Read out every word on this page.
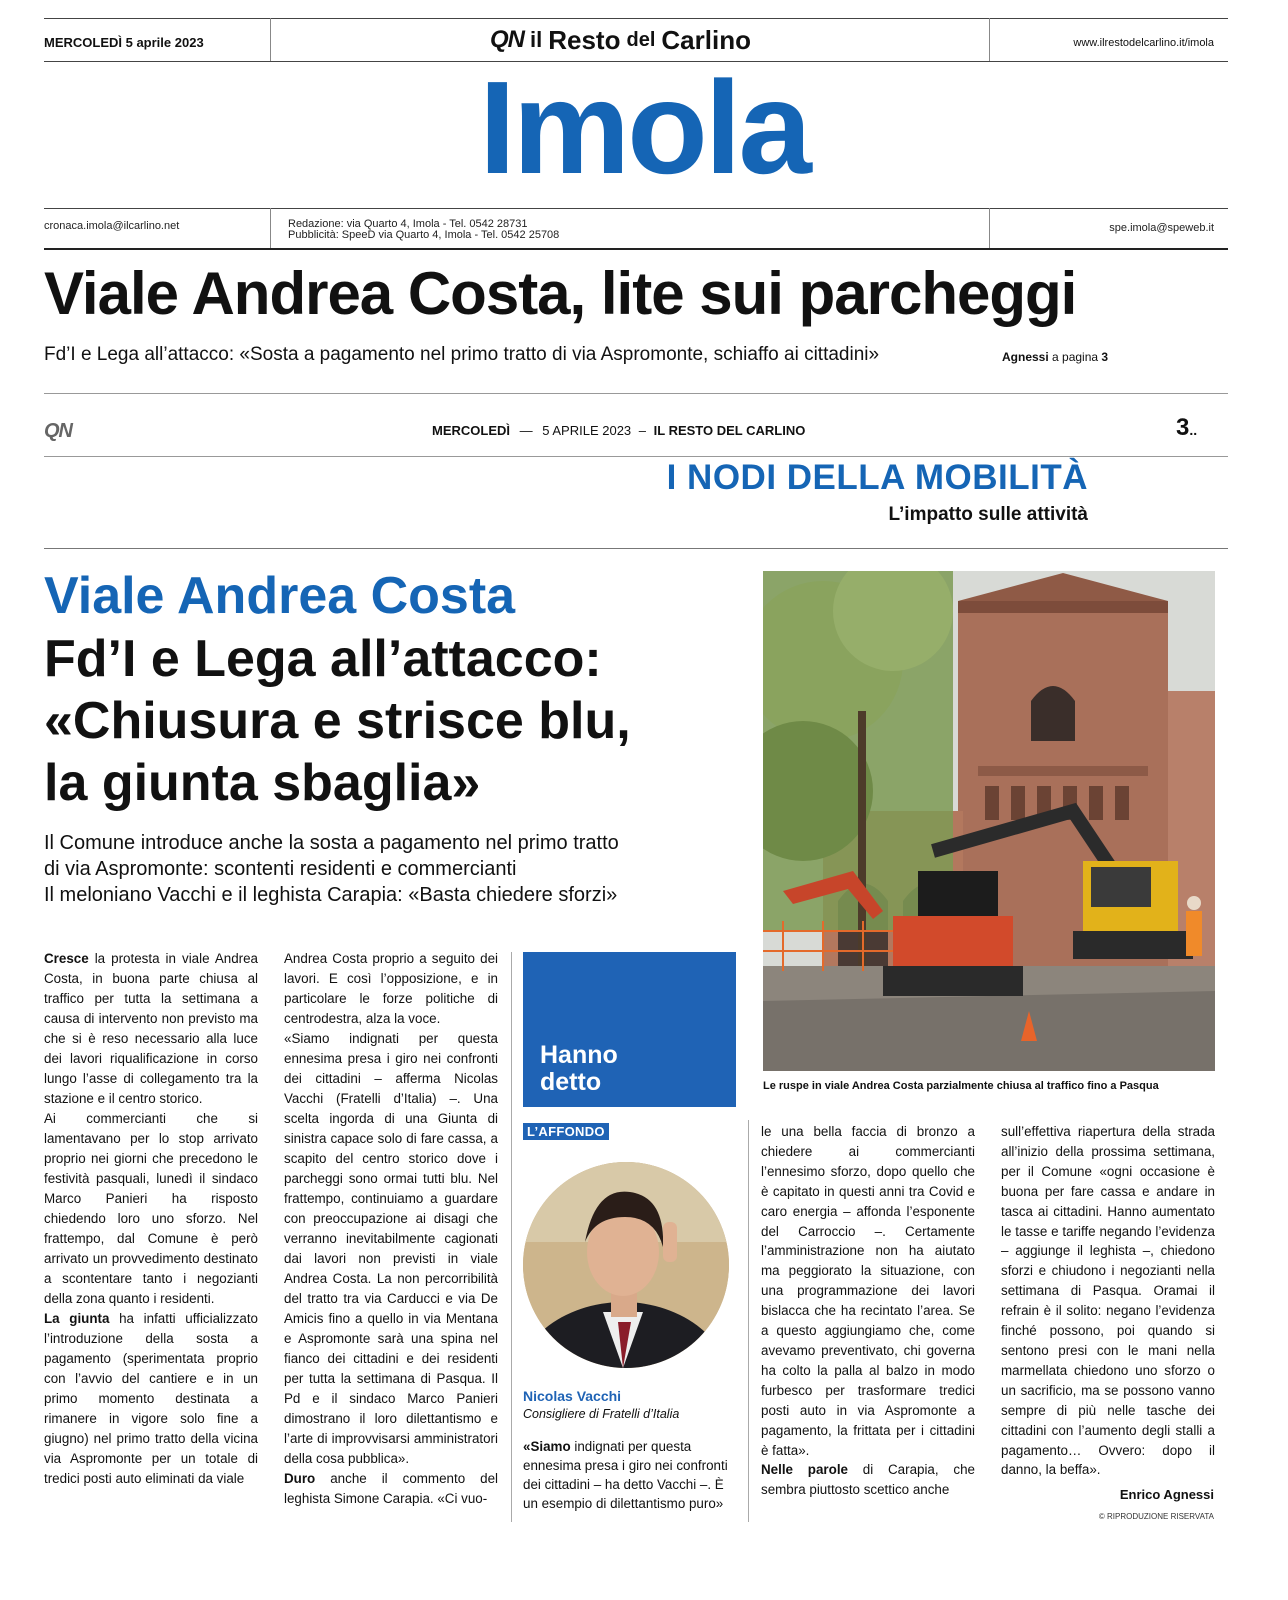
MERCOLEDÌ 5 aprile 2023	QN il Resto del Carlino	www.ilrestodelcarlino.it/imola
Imola
cronaca.imola@ilcarlino.net	Redazione: via Quarto 4, Imola - Tel. 0542 28731
Pubblicità: SpeeD via Quarto 4, Imola - Tel. 0542 25708
spe.imola@speweb.it
Viale Andrea Costa, lite sui parcheggi
Fd’I e Lega all’attacco: «Sosta a pagamento nel primo tratto di via Aspromonte, schiaffo ai cittadini»	Agnessi a pagina 3
QN	MERCOLEDÌ — 5 APRILE 2023 – IL RESTO DEL CARLINO	3..
I NODI DELLA MOBILITÀ
L’impatto sulle attività
Viale Andrea Costa
Fd’I e Lega all’attacco:
«Chiusura e strisce blu,
la giunta sbaglia»
Il Comune introduce anche la sosta a pagamento nel primo tratto
di via Aspromonte: scontenti residenti e commercianti
Il meloniano Vacchi e il leghista Carapia: «Basta chiedere sforzi»
Le ruspe in viale Andrea Costa parzialmente chiusa al traffico fino a Pasqua

Cresce la protesta in viale Andrea Costa, in buona parte chiusa al traffico per tutta la settimana a causa di intervento non previsto ma che si è reso necessario alla luce dei lavori riqualificazione in corso lungo l’asse di collegamento tra la stazione e il centro storico.

Ai commercianti che si lamentavano per lo stop arrivato proprio nei giorni che precedono le festività pasquali, lunedì il sindaco Marco Panieri ha risposto chiedendo loro uno sforzo. Nel frattempo, dal Comune è però arrivato un provvedimento destinato a scontentare tanto i negozianti della zona quanto i residenti.

La giunta ha infatti ufficializzato l’introduzione della sosta a pagamento (sperimentata proprio con l’avvio del cantiere e in un primo momento destinata a rimanere in vigore solo fine a giugno) nel primo tratto della vicina via Aspromonte per un totale di tredici posti auto eliminati da viale

Andrea Costa proprio a seguito dei lavori. E così l’opposizione, e in particolare le forze politiche di centrodestra, alza la voce.

«Siamo indignati per questa ennesima presa i giro nei confronti dei cittadini – afferma Nicolas Vacchi (Fratelli d’Italia) –. Una scelta ingorda di una Giunta di sinistra capace solo di fare cassa, a scapito del centro storico dove i parcheggi sono ormai tutti blu. Nel frattempo, continuiamo a guardare con preoccupazione ai disagi che verranno inevitabilmente cagionati dai lavori non previsti in viale Andrea Costa. La non percorribilità del tratto tra via Carducci e via De Amicis fino a quello in via Mentana e Aspromonte sarà una spina nel fianco dei cittadini e dei residenti per tutta la settimana di Pasqua. Il Pd e il sindaco Marco Panieri dimostrano il loro dilettantismo e l’arte di improvvisarsi amministratori della cosa pubblica».

Duro anche il commento del leghista Simone Carapia. «Ci vuo-

Hanno
detto
L’AFFONDO
Nicolas Vacchi
Consigliere di Fratelli d’Italia
«Siamo indignati per questa ennesima presa i giro nei confronti dei cittadini – ha detto Vacchi –. È un esempio di dilettantismo puro»

le una bella faccia di bronzo a chiedere ai commercianti l’ennesimo sforzo, dopo quello che è capitato in questi anni tra Covid e caro energia – affonda l’esponente del Carroccio –. Certamente l’amministrazione non ha aiutato ma peggiorato la situazione, con una programmazione dei lavori bislacca che ha recintato l’area. Se a questo aggiungiamo che, come avevamo preventivato, chi governa ha colto la palla al balzo in modo furbesco per trasformare tredici posti auto in via Aspromonte a pagamento, la frittata per i cittadini è fatta».

Nelle parole di Carapia, che sembra piuttosto scettico anche

sull’effettiva riapertura della strada all’inizio della prossima settimana, per il Comune «ogni occasione è buona per fare cassa e andare in tasca ai cittadini. Hanno aumentato le tasse e tariffe negando l’evidenza – aggiunge il leghista –, chiedono sforzi e chiudono i negozianti nella settimana di Pasqua. Oramai il refrain è il solito: negano l’evidenza finché possono, poi quando si sentono presi con le mani nella marmellata chiedono uno sforzo o un sacrificio, ma se possono vanno sempre di più nelle tasche dei cittadini con l’aumento degli stalli a pagamento… Ovvero: dopo il danno, la beffa».

Enrico Agnessi
© RIPRODUZIONE RISERVATA
